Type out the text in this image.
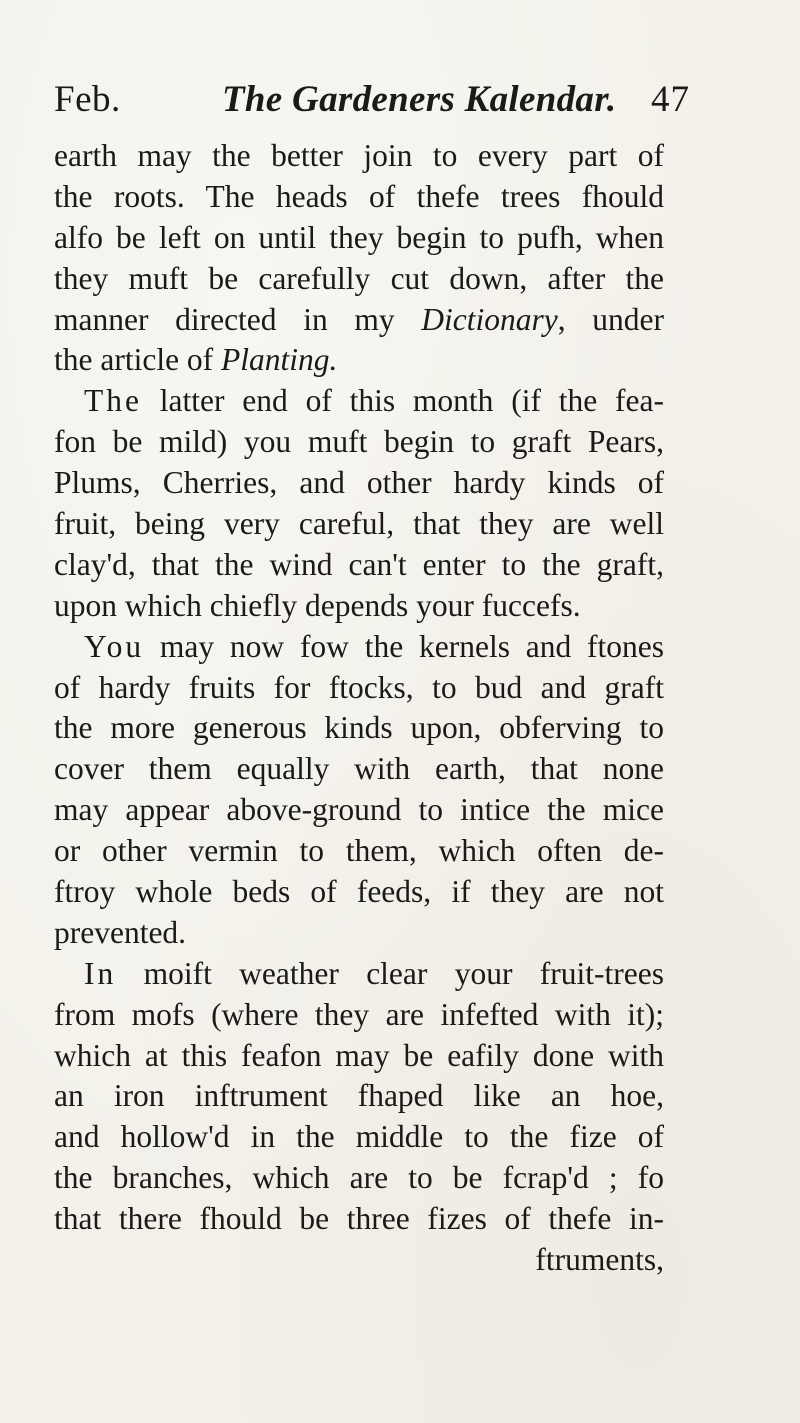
Feb.	The Gardeners Kalendar. 47
earth may the better join to every part of
the roots. The heads of thefe trees fhould
alfo be left on until they begin to pufh, when
they muft be carefully cut down, after the
manner directed in my Dictionary, under
the article of Planting.
The latter end of this month (if the fea-
fon be mild) you muft begin to graft Pears,
Plums, Cherries, and other hardy kinds of
fruit, being very careful, that they are well
clay'd, that the wind can't enter to the graft,
upon which chiefly depends your fuccefs.
You may now fow the kernels and ftones
of hardy fruits for ftocks, to bud and graft
the more generous kinds upon, obferving to
cover them equally with earth, that none
may appear above-ground to intice the mice
or other vermin to them, which often de-
ftroy whole beds of feeds, if they are not
prevented.
In moift weather clear your fruit-trees
from mofs (where they are infefted with it);
which at this feafon may be eafily done with
an iron inftrument fhaped like an hoe,
and hollow'd in the middle to the fize of
the branches, which are to be fcrap'd ; fo
that there fhould be three fizes of thefe in-
ftruments,
